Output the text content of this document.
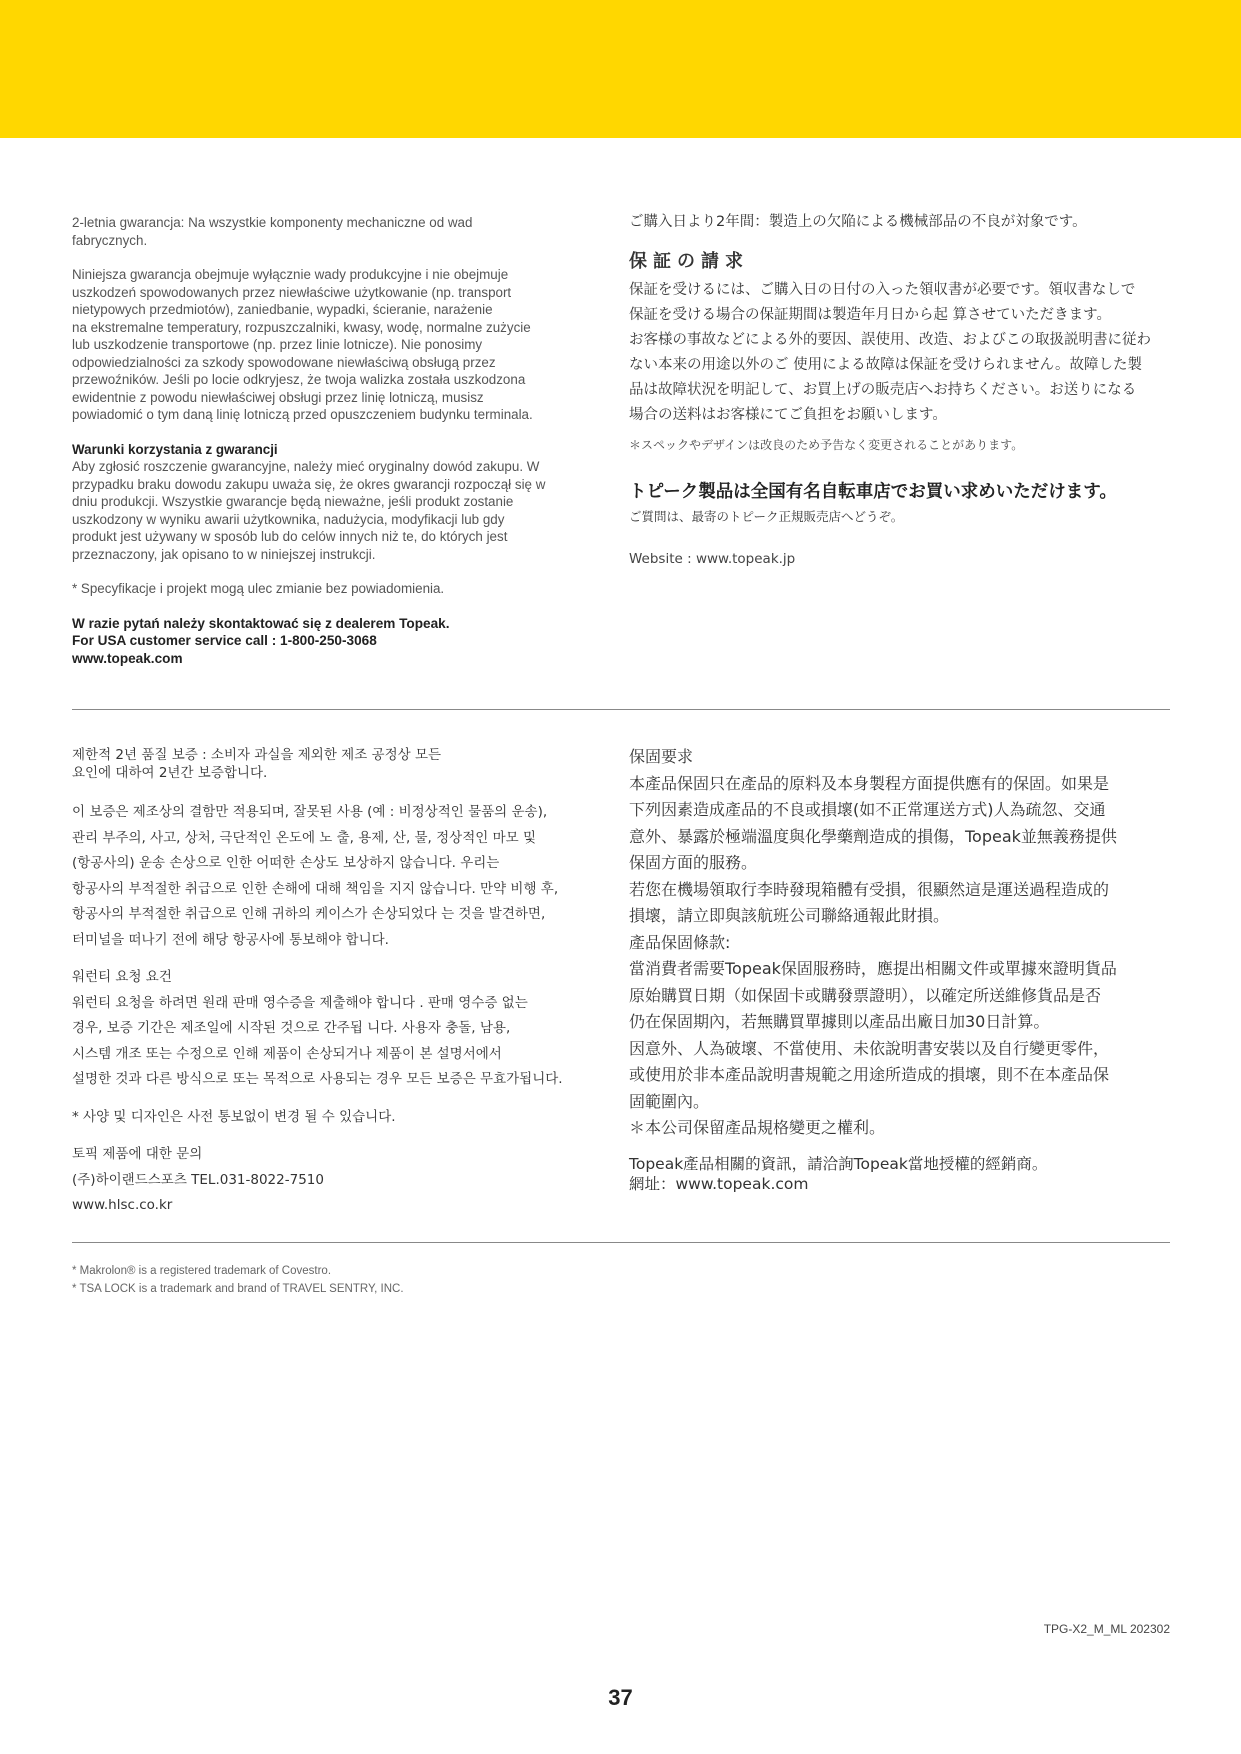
2-letnia gwarancja: Na wszystkie komponenty mechaniczne od wad

fabrycznych.

Niniejsza gwarancja obejmuje wyłącznie wady produkcyjne i nie obejmuje

uszkodzeń spowodowanych przez niewłaściwe użytkowanie (np. transport

nietypowych przedmiotów), zaniedbanie, wypadki, ścieranie, narażenie

na ekstremalne temperatury, rozpuszczalniki, kwasy, wodę, normalne zużycie

lub uszkodzenie transportowe (np. przez linie lotnicze). Nie ponosimy

odpowiedzialności za szkody spowodowane niewłaściwą obsługą przez

przewoźników. Jeśli po locie odkryjesz, że twoja walizka została uszkodzona

ewidentnie z powodu niewłaściwej obsługi przez linię lotniczą, musisz

powiadomić o tym daną linię lotniczą przed opuszczeniem budynku terminala.

Warunki korzystania z gwarancji

Aby zgłosić roszczenie gwarancyjne, należy mieć oryginalny dowód zakupu. W

przypadku braku dowodu zakupu uważa się, że okres gwarancji rozpoczął się w

dniu produkcji. Wszystkie gwarancje będą nieważne, jeśli produkt zostanie

uszkodzony w wyniku awarii użytkownika, nadużycia, modyfikacji lub gdy

produkt jest używany w sposób lub do celów innych niż te, do których jest

przeznaczony, jak opisano to w niniejszej instrukcji.

* Specyfikacje i projekt mogą ulec zmianie bez powiadomienia.

W razie pytań należy skontaktować się z dealerem Topeak.

For USA customer service call : 1-800-250-3068

www.topeak.com

ご購入日より2年間：製造上の欠陥による機械部品の不良が対象です。

保証の請求

保証を受けるには、ご購入日の日付の入った領収書が必要です。領収書なしで

保証を受ける場合の保証期間は製造年月日から起 算させていただきます。

お客様の事故などによる外的要因、誤使用、改造、およびこの取扱説明書に従わ

ない本来の用途以外のご 使用による故障は保証を受けられません。故障した製

品は故障状況を明記して、お買上げの販売店へお持ちください。お送りになる

場合の送料はお客様にてご負担をお願いします。

＊スペックやデザインは改良のため予告なく変更されることがあります。

トピーク製品は全国有名自転車店でお買い求めいただけます。

ご質問は、最寄のトピーク正規販売店へどうぞ。

Website : www.topeak.jp

제한적 2년 품질 보증 : 소비자 과실을 제외한 제조 공정상 모든

요인에 대하여 2년간 보증합니다.

이 보증은 제조상의 결함만 적용되며, 잘못된 사용 (예 : 비정상적인 물품의 운송),

관리 부주의, 사고, 상처, 극단적인 온도에 노 출, 용제, 산, 물, 정상적인 마모 및

(항공사의) 운송 손상으로 인한 어떠한 손상도 보상하지 않습니다. 우리는

항공사의 부적절한 취급으로 인한 손해에 대해 책임을 지지 않습니다. 만약 비행 후,

항공사의 부적절한 취급으로 인해 귀하의 케이스가 손상되었다 는 것을 발견하면,

터미널을 떠나기 전에 해당 항공사에 통보해야 합니다.

워런티 요청 요건

워런티 요청을 하려면 원래 판매 영수증을 제출해야 합니다 . 판매 영수증 없는

경우, 보증 기간은 제조일에 시작된 것으로 간주됩 니다. 사용자 충돌, 남용,

시스템 개조 또는 수정으로 인해 제품이 손상되거나 제품이 본 설명서에서

설명한 것과 다른 방식으로 또는 목적으로 사용되는 경우 모든 보증은 무효가됩니다.

* 사양 및 디자인은 사전 통보없이 변경 될 수 있습니다.

토픽 제품에 대한 문의

(주)하이랜드스포츠 TEL.031-8022-7510

www.hlsc.co.kr

保固要求

本產品保固只在產品的原料及本身製程方面提供應有的保固。如果是

下列因素造成產品的不良或損壞(如不正常運送方式)人為疏忽、交通

意外、暴露於極端溫度與化學藥劑造成的損傷，Topeak並無義務提供

保固方面的服務。

若您在機場領取行李時發現箱體有受損，很顯然這是運送過程造成的

損壞，請立即與該航班公司聯絡通報此財損。

產品保固條款:

當消費者需要Topeak保固服務時，應提出相關文件或單據來證明貨品

原始購買日期（如保固卡或購發票證明），以確定所送維修貨品是否

仍在保固期內，若無購買單據則以產品出廠日加30日計算。

因意外、人為破壞、不當使用、未依說明書安裝以及自行變更零件，

或使用於非本產品說明書規範之用途所造成的損壞，則不在本產品保

固範圍內。

＊本公司保留產品規格變更之權利。

Topeak產品相關的資訊，請洽詢Topeak當地授權的經銷商。

網址：www.topeak.com

* Makrolon® is a registered trademark of Covestro.

* TSA LOCK is a trademark and brand of TRAVEL SENTRY, INC.

TPG-X2_M_ML 202302
37
